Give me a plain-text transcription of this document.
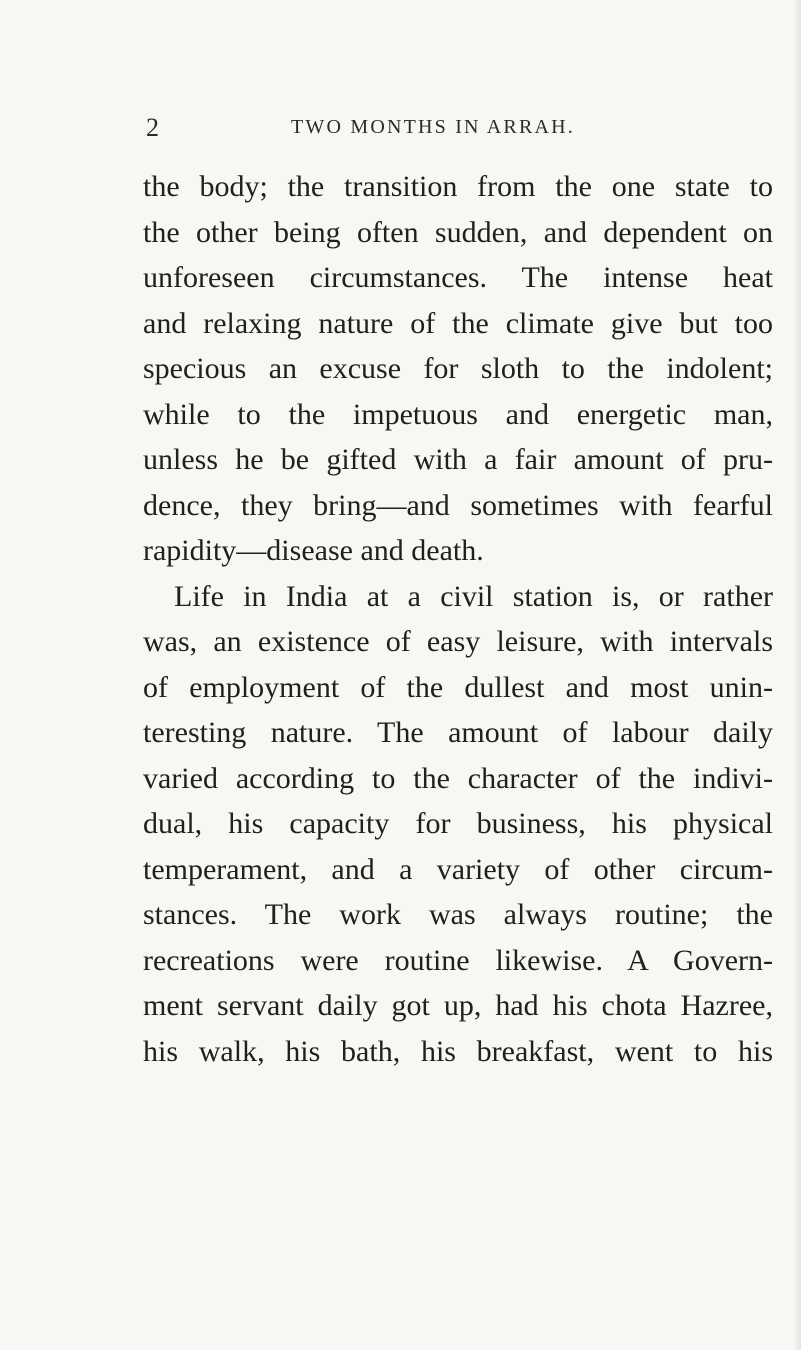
2	TWO MONTHS IN ARRAH.
the body; the transition from the one state to
the other being often sudden, and dependent on
unforeseen circumstances. The intense heat
and relaxing nature of the climate give but too
specious an excuse for sloth to the indolent;
while to the impetuous and energetic man,
unless he be gifted with a fair amount of pru-
dence, they bring—and sometimes with fearful
rapidity—disease and death.
Life in India at a civil station is, or rather
was, an existence of easy leisure, with intervals
of employment of the dullest and most unin-
teresting nature. The amount of labour daily
varied according to the character of the indivi-
dual, his capacity for business, his physical
temperament, and a variety of other circum-
stances. The work was always routine; the
recreations were routine likewise. A Govern-
ment servant daily got up, had his chota Hazree,
his walk, his bath, his breakfast, went to his
